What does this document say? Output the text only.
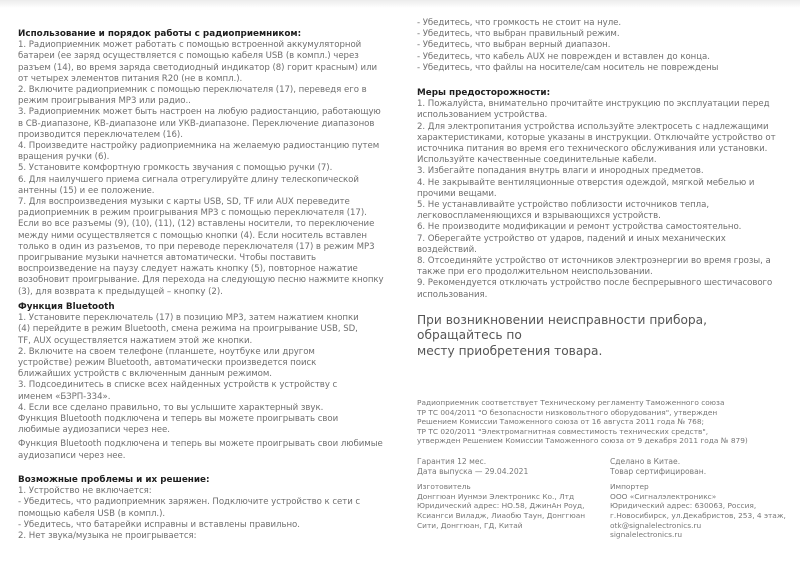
Использование и порядок работы с радиоприемником:

1. Радиоприемник может работать с помощью встроенной аккумуляторной

батареи (ее заряд осуществляется с помощью кабеля USB (в компл.) через

разъем (14), во время заряда светодиодный индикатор (8) горит красным) или

от четырех элементов питания R20 (не в компл.).

2. Включите радиоприемник с помощью переключателя (17), переведя его в

режим проигрывания MP3 или радио..

3. Радиоприемник может быть настроен на любую радиостанцию, работающую

в СВ-диапазоне, КВ-диапазоне или УКВ-диапазоне. Переключение диапазонов

производится переключателем (16).

4. Произведите настройку радиоприемника на желаемую радиостанцию путем

вращения ручки (6).

5. Установите комфортную громкость звучания с помощью ручки (7).

6. Для наилучшего приема сигнала отрегулируйте длину телескопической

антенны (15) и ее положение.

7. Для воспроизведения музыки с карты USB, SD, TF или AUX переведите

радиоприемник в режим проигрывания MP3 с помощью переключателя (17).

Если во все разъемы (9), (10), (11), (12) вставлены носители, то переключение

между ними осуществляется с помощью кнопки (4). Если носитель вставлен

только в один из разъемов, то при переводе переключателя (17) в режим MP3

проигрывание музыки начнется автоматически. Чтобы поставить

воспроизведение на паузу следует нажать кнопку (5), повторное нажатие

возобновит проигрывание. Для перехода на следующую песню нажмите кнопку

(3), для возврата к предыдущей – кнопку (2).

Функция Bluetooth

1. Установите переключатель (17) в позицию MP3, затем нажатием кнопки

(4) перейдите в режим Bluetooth, смена режима на проигрывание USB, SD,

TF, AUX осуществляется нажатием этой же кнопки.

2. Включите на своем телефоне (планшете, ноутбуке или другом

устройстве) режим Bluetooth, автоматически произведется поиск

ближайших устройств с включенным данным режимом.

3. Подсоединитесь в списке всех найденных устройств к устройству с

именем «БЗРП-334».

4. Если все сделано правильно, то вы услышите характерный звук.

Функция Bluetooth подключена и теперь вы можете проигрывать свои

любимые аудиозаписи через нее.

Функция Bluetooth подключена и теперь вы можете проигрывать свои любимые

аудиозаписи через нее.

Возможные проблемы и их решение:

1. Устройство не включается:

- Убедитесь, что радиоприемник заряжен. Подключите устройство к сети с

помощью кабеля USB (в компл.).

- Убедитесь, что батарейки исправны и вставлены правильно.

2. Нет звука/музыка не проигрывается:

- Убедитесь, что громкость не стоит на нуле.

- Убедитесь, что выбран правильный режим.

- Убедитесь, что выбран верный диапазон.

- Убедитесь, что кабель AUX не поврежден и вставлен до конца.

- Убедитесь, что файлы на носителе/сам носитель не повреждены

Меры предосторожности:

1. Пожалуйста, внимательно прочитайте инструкцию по эксплуатации перед

использованием устройства.

2. Для электропитания устройства используйте электросеть с надлежащими

характеристиками, которые указаны в инструкции. Отключайте устройство от

источника питания во время его технического обслуживания или установки.

Используйте качественные соединительные кабели.

3. Избегайте попадания внутрь влаги и инородных предметов.

4. Не закрывайте вентиляционные отверстия одеждой, мягкой мебелью и

прочими вещами.

5. Не устанавливайте устройство поблизости источников тепла,

легковоспламеняющихся и взрывающихся устройств.

6. Не производите модификации и ремонт устройства самостоятельно.

7. Оберегайте устройство от ударов, падений и иных механических

воздействий.

8. Отсоединяйте устройство от источников электроэнергии во время грозы, а

также при его продолжительном неиспользовании.

9. Рекомендуется отключать устройство после беспрерывного шестичасового

использования.

При возникновении неисправности прибора, обращайтесь по

месту приобретения товара.

Радиоприемник соответствует Техническому регламенту Таможенного союза

ТР ТС 004/2011 "О безопасности низковольтного оборудования", утвержден

Решением Комиссии Таможенного союза от 16 августа 2011 года № 768;

ТР ТС 020/2011 "Электромагнитная совместимость технических средств",

утвержден Решением Комиссии Таможенного союза от 9 декабря 2011 года № 879)

Гарантия 12 мес.

Дата выпуска — 29.04.2021

Изготовитель

Донггюан Иунмэи Электроникс Ко., Лтд

Юридический адрес: НО.58, ДжинАн Роуд,

Ксиангси Виладж, Лиаобю Таун, Донггюан

Сити, Донггюан, ГД, Китай

Сделано в Китае.

Товар сертифицирован.

Импортер

ООО «Сигналэлектроникс»

Юридический адрес: 630063, Россия,

г.Новосибирск, ул.Декабристов, 253, 4 этаж,

otk@signalelectronics.ru

signalelectronics.ru
